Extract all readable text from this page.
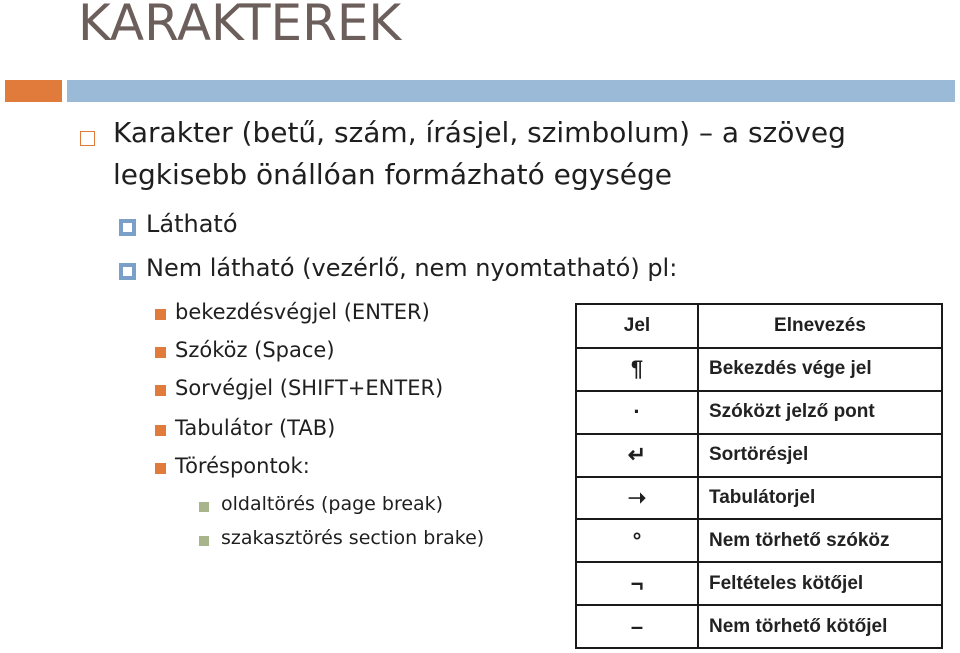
KARAKTEREK
Karakter (betű, szám, írásjel, szimbolum) – a szöveg
legkisebb önállóan formázható egysége
Látható
Nem látható (vezérlő, nem nyomtatható) pl:
bekezdésvégjel (ENTER)
Szóköz (Space)
Sorvégjel (SHIFT+ENTER)
Tabulátor (TAB)
Töréspontok:
oldaltörés (page break)
szakasztörés section brake)
Jel	Elnevezés
¶	Bekezdés vége jel
·	Szóközt jelző pont
↵	Sortörésjel
➝	Tabulátorjel
°	Nem törhető szóköz
¬	Feltételes kötőjel
–	Nem törhető kötőjel
